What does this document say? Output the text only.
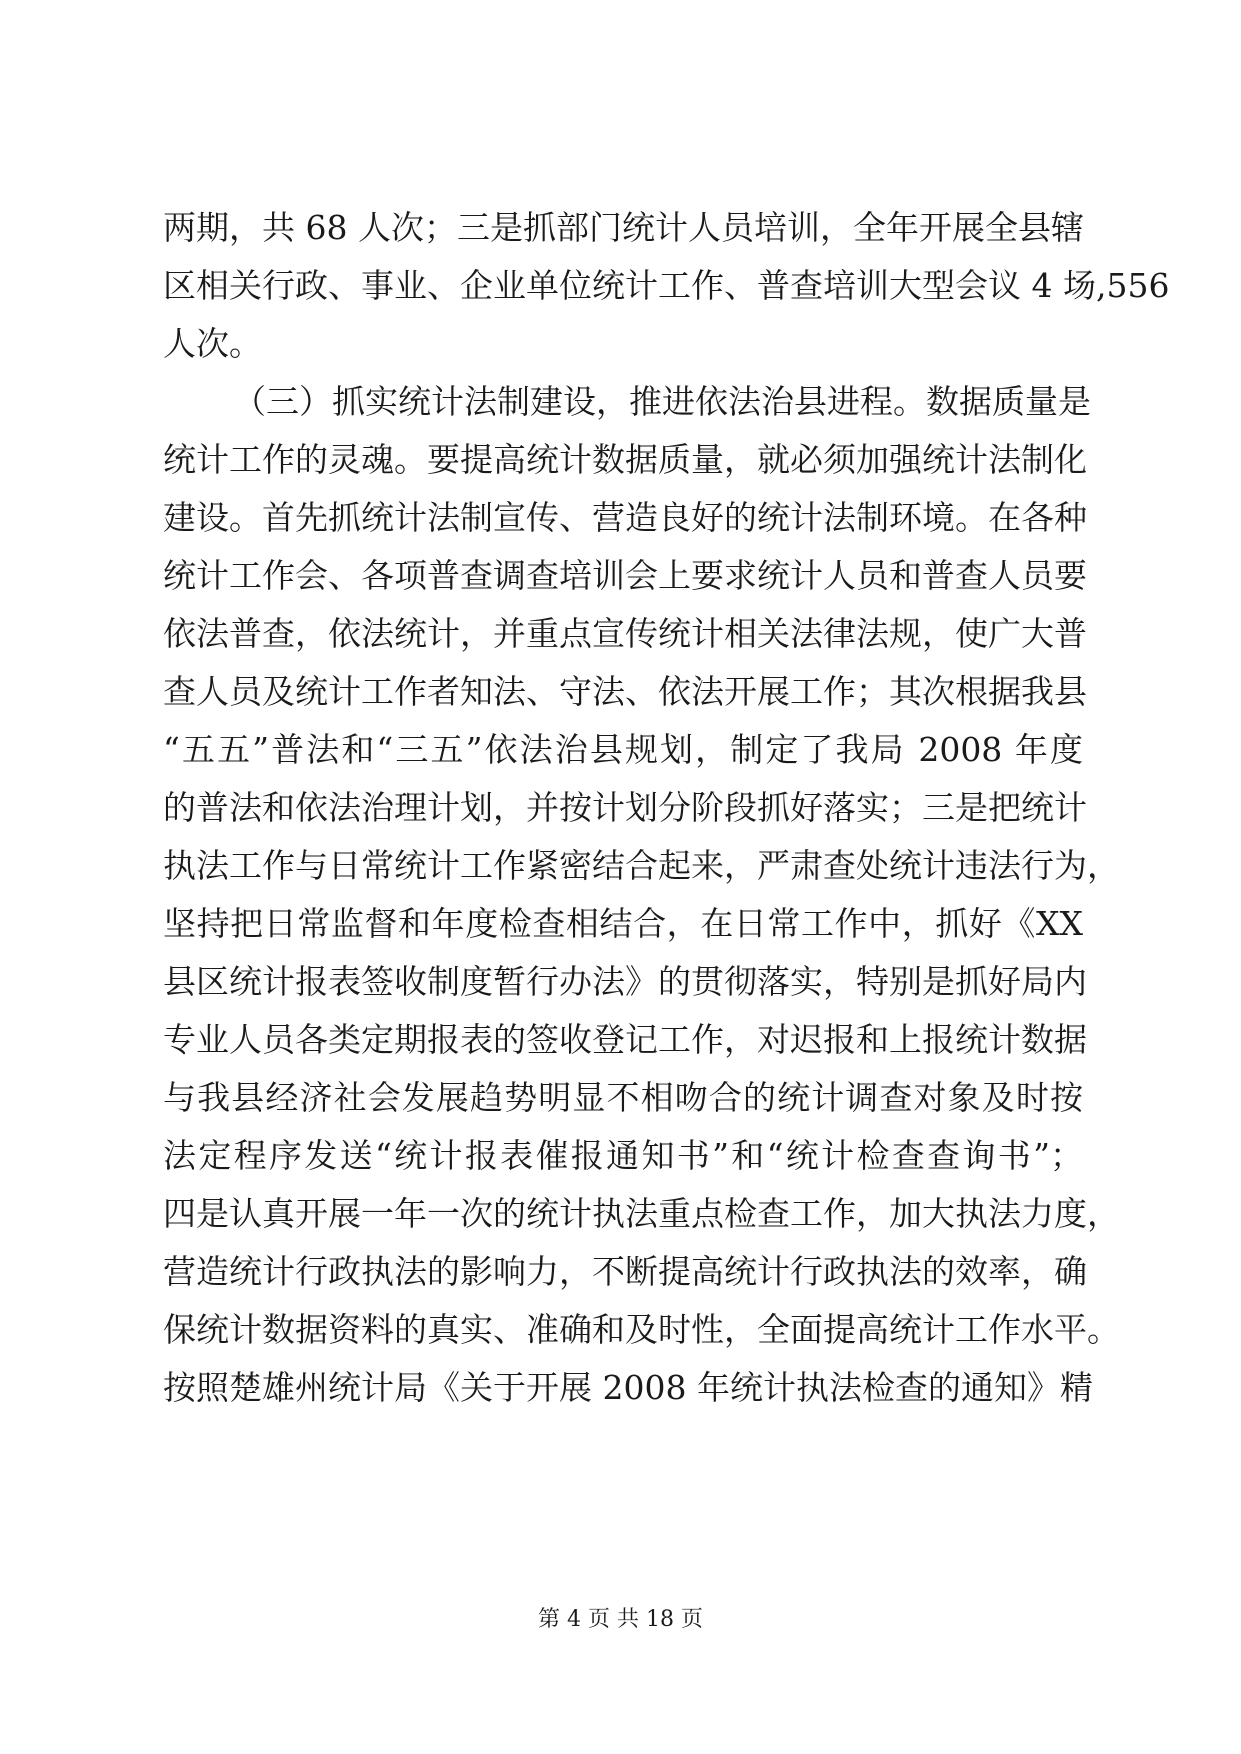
两期，共 68 人次；三是抓部门统计人员培训，全年开展全县辖
区相关行政、事业、企业单位统计工作、普查培训大型会议 4 场,556
人次。
（三）抓实统计法制建设，推进依法治县进程。数据质量是
统计工作的灵魂。要提高统计数据质量，就必须加强统计法制化
建设。首先抓统计法制宣传、营造良好的统计法制环境。在各种
统计工作会、各项普查调查培训会上要求统计人员和普查人员要
依法普查，依法统计，并重点宣传统计相关法律法规，使广大普
查人员及统计工作者知法、守法、依法开展工作；其次根据我县
“五五”普法和“三五”依法治县规划，制定了我局 2008 年度
的普法和依法治理计划，并按计划分阶段抓好落实；三是把统计
执法工作与日常统计工作紧密结合起来，严肃查处统计违法行为，
坚持把日常监督和年度检查相结合，在日常工作中，抓好《XX
县区统计报表签收制度暂行办法》的贯彻落实，特别是抓好局内
专业人员各类定期报表的签收登记工作，对迟报和上报统计数据
与我县经济社会发展趋势明显不相吻合的统计调查对象及时按
法定程序发送“统计报表催报通知书”和“统计检查查询书”；
四是认真开展一年一次的统计执法重点检查工作，加大执法力度，
营造统计行政执法的影响力，不断提高统计行政执法的效率，确
保统计数据资料的真实、准确和及时性，全面提高统计工作水平。
按照楚雄州统计局《关于开展 2008 年统计执法检查的通知》精
第 4 页 共 18 页
